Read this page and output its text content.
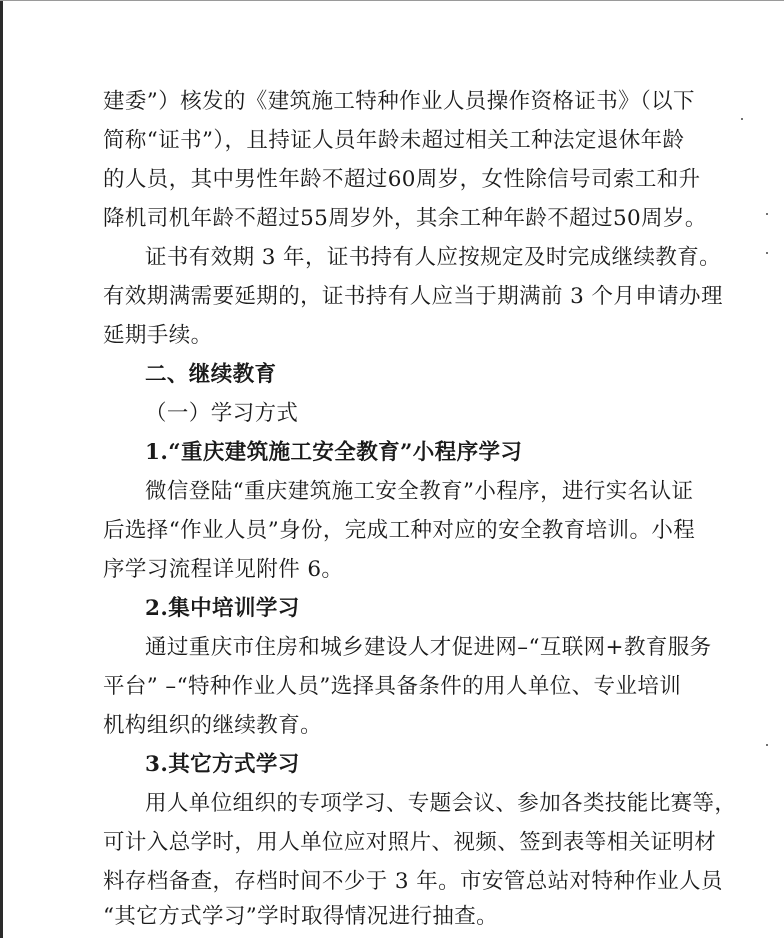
建委”）核发的《建筑施工特种作业人员操作资格证书》（以下
简称“证书”），且持证人员年龄未超过相关工种法定退休年龄
的人员，其中男性年龄不超过60周岁，女性除信号司索工和升
降机司机年龄不超过55周岁外，其余工种年龄不超过50周岁。
证书有效期 3 年，证书持有人应按规定及时完成继续教育。
有效期满需要延期的，证书持有人应当于期满前 3 个月申请办理
延期手续。
二、继续教育
（一）学习方式
1.“重庆建筑施工安全教育”小程序学习
微信登陆“重庆建筑施工安全教育”小程序，进行实名认证
后选择“作业人员”身份，完成工种对应的安全教育培训。小程
序学习流程详见附件 6。
2.集中培训学习
通过重庆市住房和城乡建设人才促进网–“互联网+教育服务
平台” –“特种作业人员”选择具备条件的用人单位、专业培训
机构组织的继续教育。
3.其它方式学习
用人单位组织的专项学习、专题会议、参加各类技能比赛等，
可计入总学时，用人单位应对照片、视频、签到表等相关证明材
料存档备查，存档时间不少于 3 年。市安管总站对特种作业人员
“其它方式学习”学时取得情况进行抽查。
